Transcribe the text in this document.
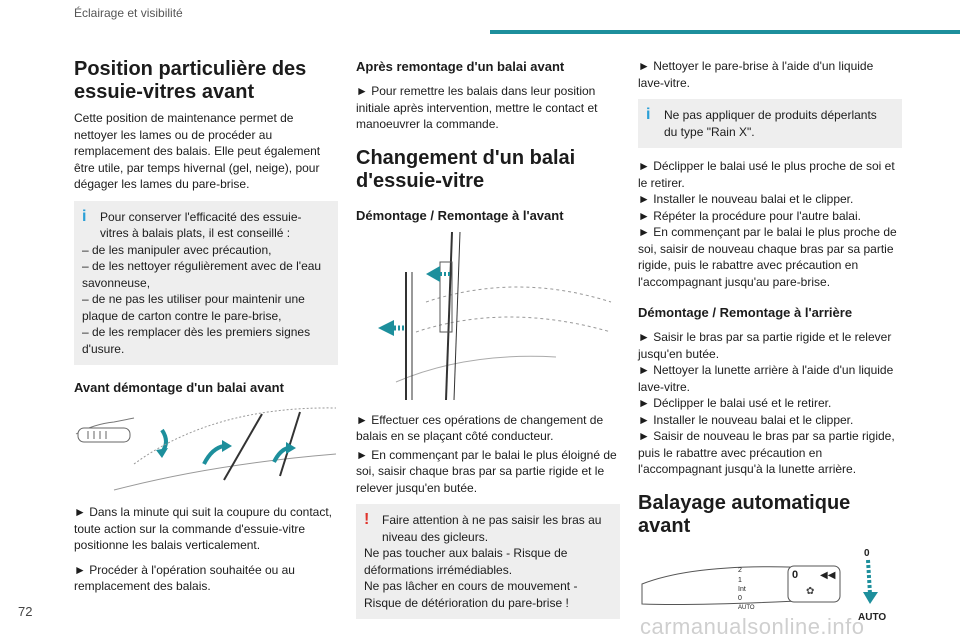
Éclairage et visibilité
Position particulière des essuie-vitres avant

Cette position de maintenance permet de nettoyer les lames ou de procéder au remplacement des balais. Elle peut également être utile, par temps hivernal (gel, neige), pour dégager les lames du pare-brise.

i	Pour conserver l'efficacité des essuie-vitres à balais plats, il est conseillé :
– de les manipuler avec précaution,
– de les nettoyer régulièrement avec de l'eau savonneuse,
– de ne pas les utiliser pour maintenir une plaque de carton contre le pare-brise,
– de les remplacer dès les premiers signes d'usure.
Avant démontage d'un balai avant

► Dans la minute qui suit la coupure du contact, toute action sur la commande d'essuie-vitre positionne les balais verticalement.

► Procéder à l'opération souhaitée ou au remplacement des balais.

Après remontage d'un balai avant

► Pour remettre les balais dans leur position initiale après intervention, mettre le contact et manoeuvrer la commande.

Changement d'un balai d'essuie-vitre
Démontage / Remontage à l'avant

► Effectuer ces opérations de changement de balais en se plaçant côté conducteur.

► En commençant par le balai le plus éloigné de soi, saisir chaque bras par sa partie rigide et le relever jusqu'en butée.

!	Faire attention à ne pas saisir les bras au niveau des gicleurs.
Ne pas toucher aux balais - Risque de déformations irrémédiables.
Ne pas lâcher en cours de mouvement - Risque de détérioration du pare-brise !

► Nettoyer le pare-brise à l'aide d'un liquide lave-vitre.

i	Ne pas appliquer de produits déperlants du type "Rain X".

► Déclipper le balai usé le plus proche de soi et le retirer.

► Installer le nouveau balai et le clipper.

► Répéter la procédure pour l'autre balai.

► En commençant par le balai le plus proche de soi, saisir de nouveau chaque bras par sa partie rigide, puis le rabattre avec précaution en l'accompagnant jusqu'au pare-brise.

Démontage / Remontage à l'arrière

► Saisir le bras par sa partie rigide et le relever jusqu'en butée.

► Nettoyer la lunette arrière à l'aide d'un liquide lave-vitre.

► Déclipper le balai usé et le retirer.

► Installer le nouveau balai et le clipper.

► Saisir de nouveau le bras par sa partie rigide, puis le rabattre avec précaution en l'accompagnant jusqu'à la lunette arrière.

Balayage automatique avant
2
1
Int
0
AUTO
0 ◀◀
✿
0
AUTO
72
carmanualsonline.info
